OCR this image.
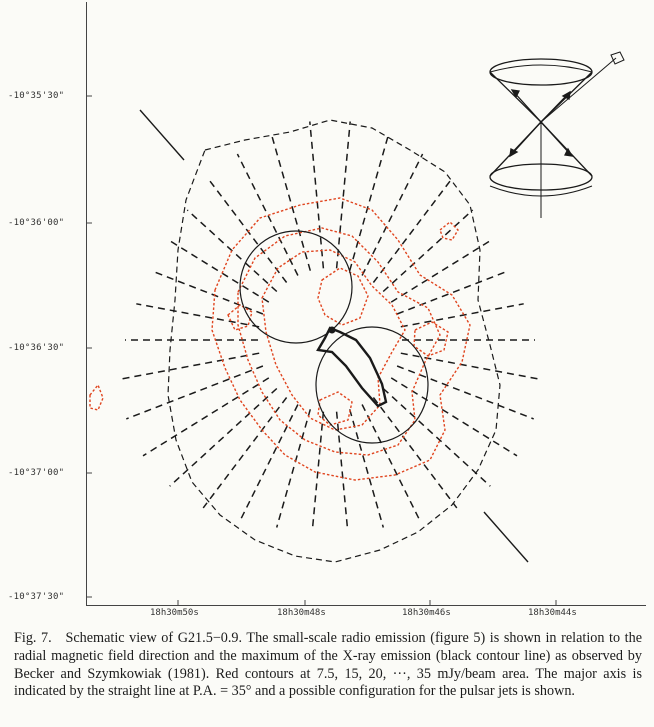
-10°35'30"
-10°36'00"
-10°36'30"
-10°37'00"
-10°37'30"
18h30m50s	18h30m48s	18h30m46s	18h30m44s
Fig. 7. Schematic view of G21.5−0.9. The small-scale radio emission (figure 5) is shown in relation to the radial magnetic field direction and the maximum of the X-ray emission (black contour line) as observed by Becker and Szymkowiak (1981). Red contours at 7.5, 15, 20, ···, 35 mJy/beam area. The major axis is indicated by the straight line at P.A. = 35° and a possible configuration for the pulsar jets is shown.
